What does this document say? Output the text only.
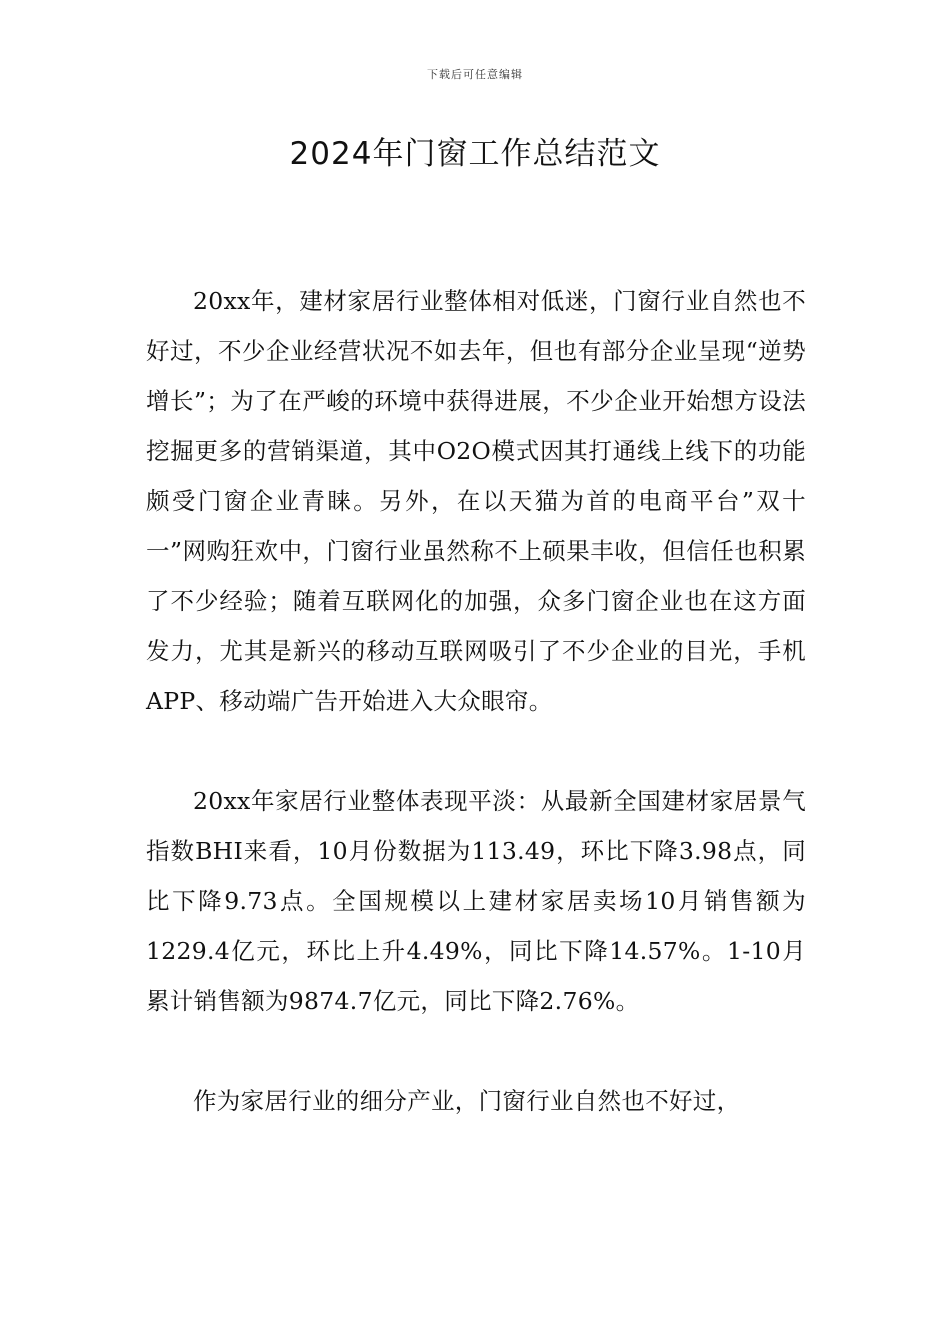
下载后可任意编辑
2024年门窗工作总结范文

20xx年，建材家居行业整体相对低迷，门窗行业自然也不好过，不少企业经营状况不如去年，但也有部分企业呈现“逆势增长”；为了在严峻的环境中获得进展，不少企业开始想方设法挖掘更多的营销渠道，其中O2O模式因其打通线上线下的功能颇受门窗企业青睐。另外，在以天猫为首的电商平台”双十一”网购狂欢中，门窗行业虽然称不上硕果丰收，但信任也积累了不少经验；随着互联网化的加强，众多门窗企业也在这方面发力，尤其是新兴的移动互联网吸引了不少企业的目光，手机APP、移动端广告开始进入大众眼帘。

20xx年家居行业整体表现平淡：从最新全国建材家居景气指数BHI来看，10月份数据为113.49，环比下降3.98点，同比下降9.73点。全国规模以上建材家居卖场10月销售额为1229.4亿元，环比上升4.49%，同比下降14.57%。1-10月累计销售额为9874.7亿元，同比下降2.76%。

作为家居行业的细分产业，门窗行业自然也不好过，
